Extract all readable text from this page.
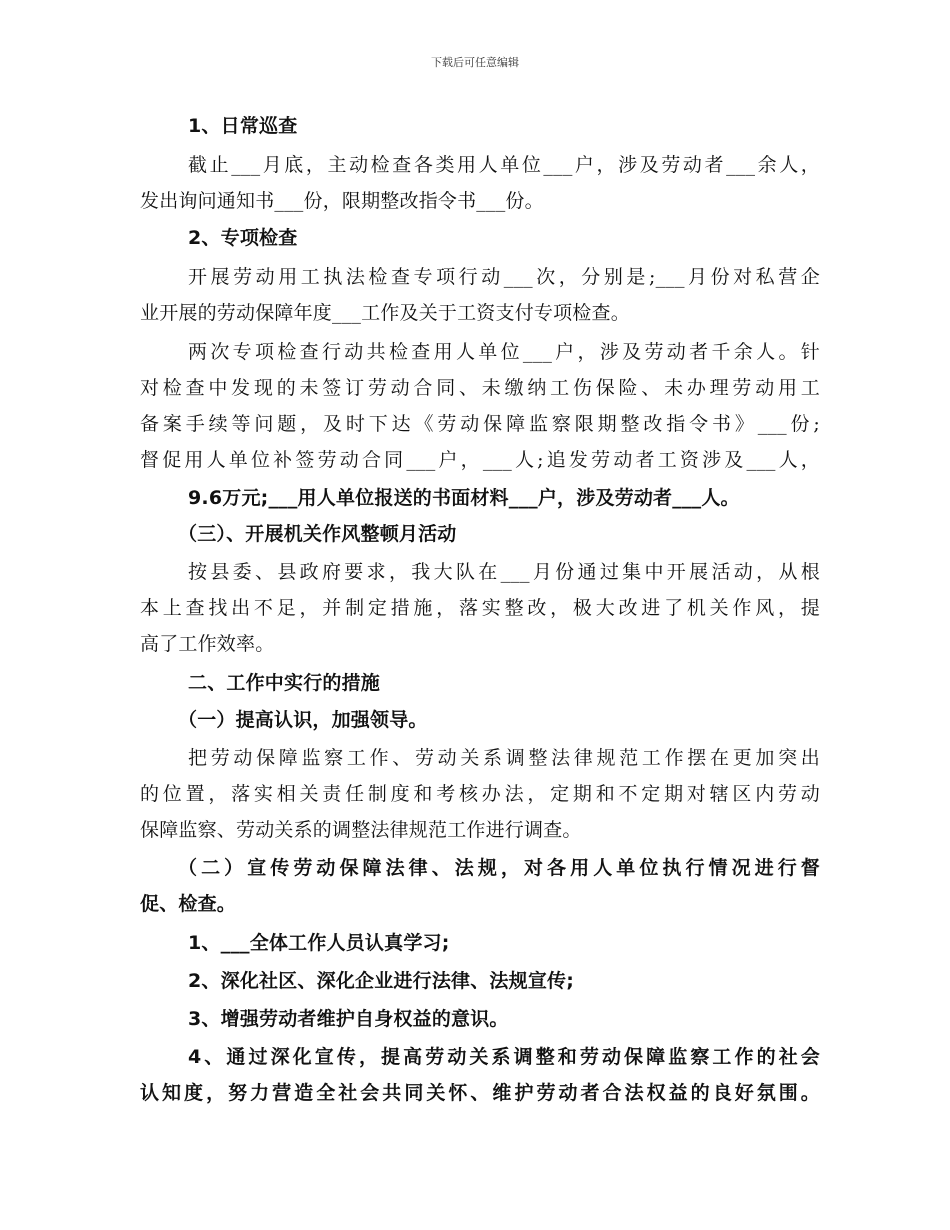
下载后可任意编辑
1、日常巡查
截止___月底，主动检查各类用人单位___户，涉及劳动者___余人，
发出询问通知书___份，限期整改指令书___份。
2、专项检查
开展劳动用工执法检查专项行动___次，分别是;___月份对私营企
业开展的劳动保障年度___工作及关于工资支付专项检查。
两次专项检查行动共检查用人单位___户，涉及劳动者千余人。针
对检查中发现的未签订劳动合同、未缴纳工伤保险、未办理劳动用工
备案手续等问题，及时下达《劳动保障监察限期整改指令书》___份;
督促用人单位补签劳动合同___户，___人;追发劳动者工资涉及___人，
9.6万元;___用人单位报送的书面材料___户，涉及劳动者___人。
（三）、开展机关作风整顿月活动
按县委、县政府要求，我大队在___月份通过集中开展活动，从根
本上查找出不足，并制定措施，落实整改，极大改进了机关作风，提
高了工作效率。
二、工作中实行的措施
（一）提高认识，加强领导。
把劳动保障监察工作、劳动关系调整法律规范工作摆在更加突出
的位置，落实相关责任制度和考核办法，定期和不定期对辖区内劳动
保障监察、劳动关系的调整法律规范工作进行调查。
（二）宣传劳动保障法律、法规，对各用人单位执行情况进行督
促、检查。
1、___全体工作人员认真学习;
2、深化社区、深化企业进行法律、法规宣传;
3、增强劳动者维护自身权益的意识。
4、通过深化宣传，提高劳动关系调整和劳动保障监察工作的社会
认知度，努力营造全社会共同关怀、维护劳动者合法权益的良好氛围。
